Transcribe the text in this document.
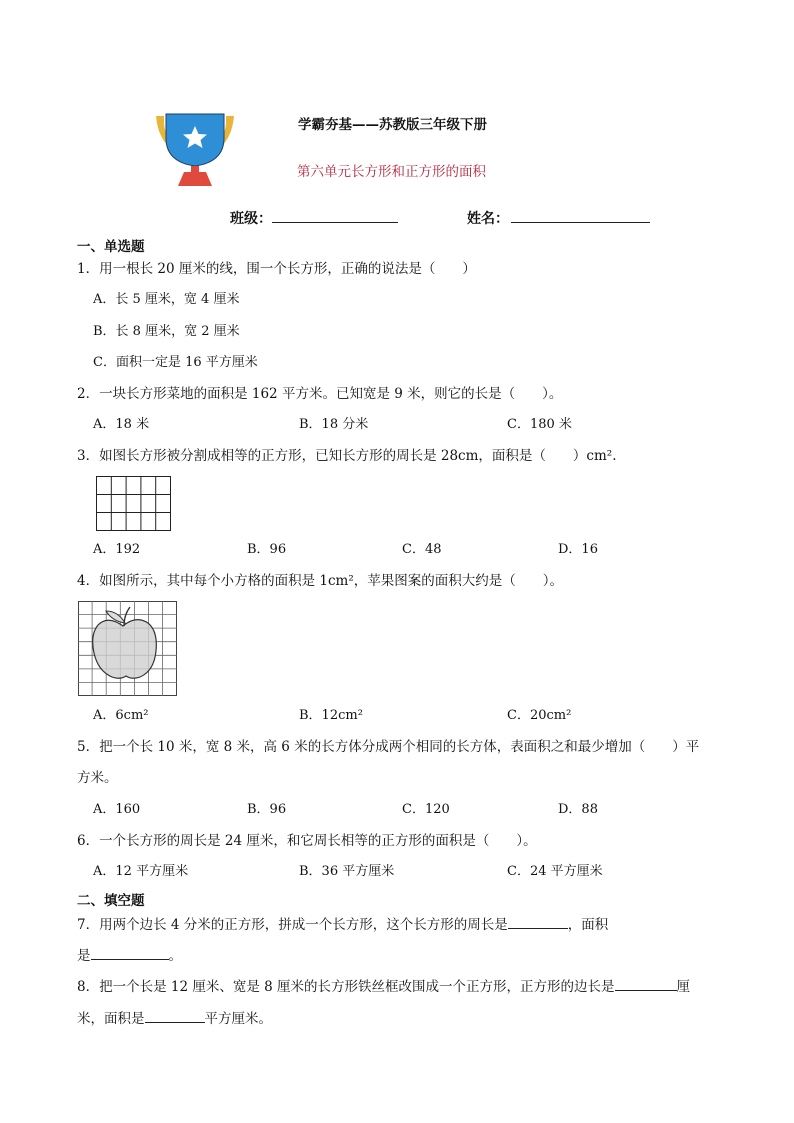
学霸夯基——苏教版三年级下册
第六单元长方形和正方形的面积
班级：	姓名：
一、单选题
1．用一根长 20 厘米的线，围一个长方形，正确的说法是（　　）
A．长 5 厘米，宽 4 厘米
B．长 8 厘米，宽 2 厘米
C．面积一定是 16 平方厘米
2．一块长方形菜地的面积是 162 平方米。已知宽是 9 米，则它的长是（　　）。
A．18 米	B．18 分米	C．180 米
3．如图长方形被分割成相等的正方形，已知长方形的周长是 28cm，面积是（　　）cm².
A．192	B．96	C．48	D．16
4．如图所示，其中每个小方格的面积是 1cm²，苹果图案的面积大约是（　　）。
A．6cm²	B．12cm²	C．20cm²
5．把一个长 10 米，宽 8 米，高 6 米的长方体分成两个相同的长方体，表面积之和最少增加（　　）平
方米。
A．160	B．96	C．120	D．88
6．一个长方形的周长是 24 厘米，和它周长相等的正方形的面积是（　　）。
A．12 平方厘米	B．36 平方厘米	C．24 平方厘米
二、填空题
7．用两个边长 4 分米的正方形，拼成一个长方形，这个长方形的周长是	，面积
是	。
8．把一个长是 12 厘米、宽是 8 厘米的长方形铁丝框改围成一个正方形，正方形的边长是	厘
米，面积是	平方厘米。
